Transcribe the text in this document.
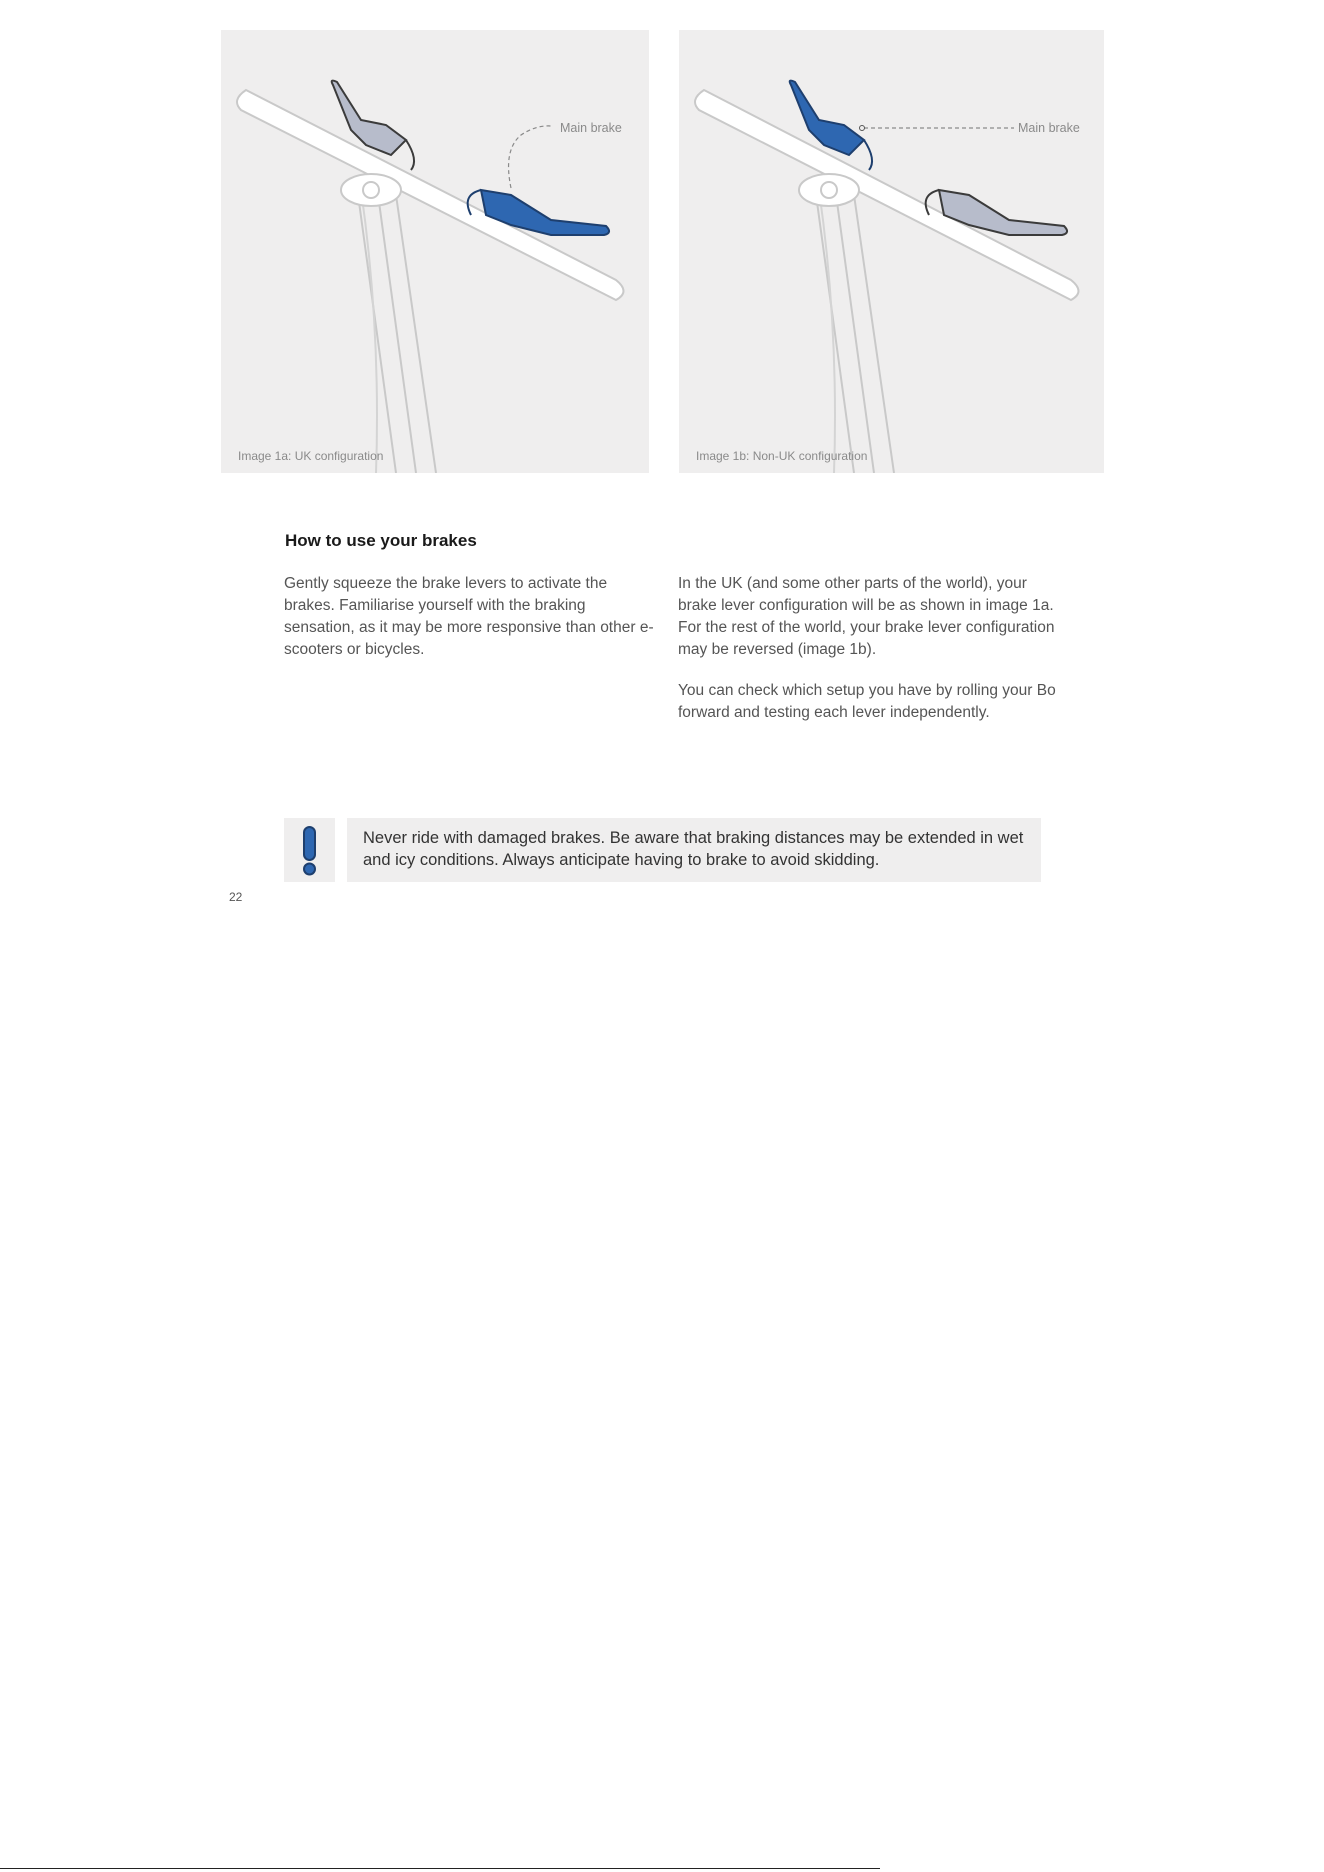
Main brake
Image 1a: UK configuration
Main brake
Image 1b: Non-UK configuration
How to use your brakes

Gently squeeze the brake levers to activate the brakes. Familiarise yourself with the braking sensation, as it may be more responsive than other e-scooters or bicycles.

In the UK (and some other parts of the world), your brake lever configuration will be as shown in image 1a. For the rest of the world, your brake lever configuration may be reversed (image 1b).

You can check which setup you have by rolling your Bo forward and testing each lever independently.

Never ride with damaged brakes. Be aware that braking distances may be extended in wet and icy conditions. Always anticipate having to brake to avoid skidding.

22
